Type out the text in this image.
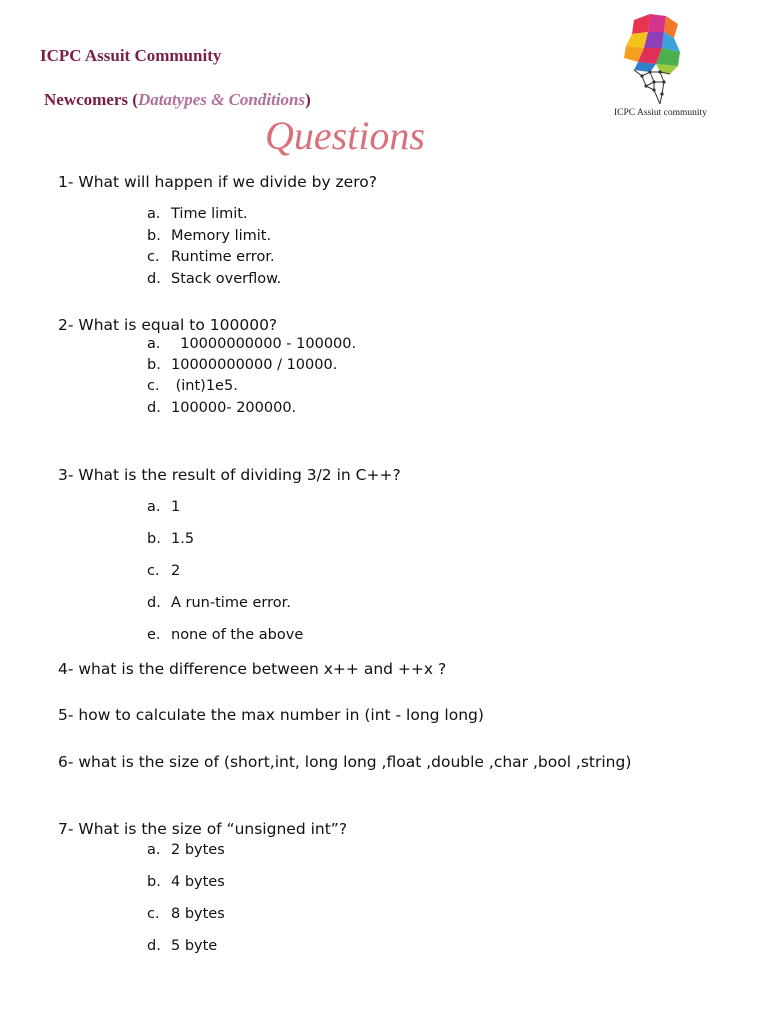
ICPC Assuit Community
Newcomers (Datatypes & Conditions)
ICPC Assiut community
Questions
1- What will happen if we divide by zero?
a. Time limit.
b. Memory limit.
c. Runtime error.
d. Stack overflow.
2- What is equal to 100000?
a.  10000000000 - 100000.
b. 10000000000 / 10000.
c. (int)1e5.
d. 100000- 200000.
3- What is the result of dividing 3/2 in C++?
a. 1
b. 1.5
c. 2
d. A run-time error.
e. none of the above
4- what is the difference between x++ and ++x ?
5- how to calculate the max number in (int - long long)
6- what is the size of (short,int, long long ,float ,double ,char ,bool ,string)
7- What is the size of “unsigned int”?
a. 2 bytes
b. 4 bytes
c. 8 bytes
d. 5 byte
